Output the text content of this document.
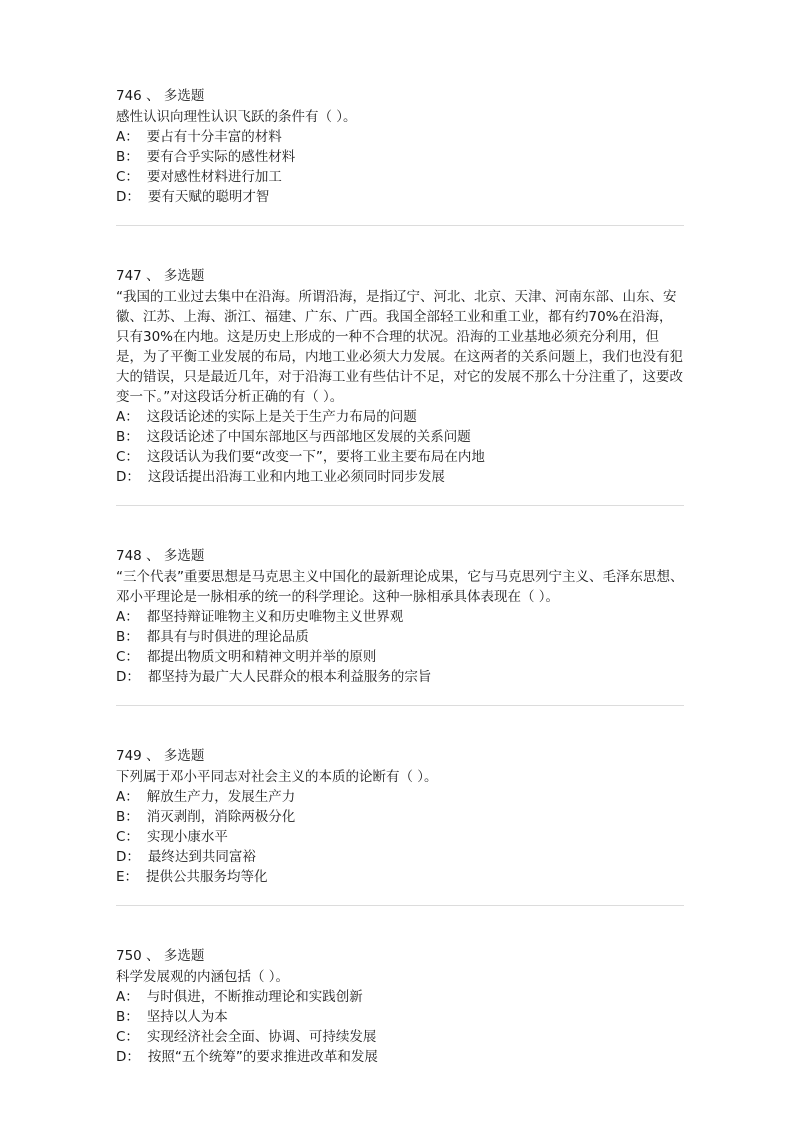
746 、 多选题

感性认识向理性认识飞跃的条件有（ ）。

A： 要占有十分丰富的材料
B： 要有合乎实际的感性材料
C： 要对感性材料进行加工
D： 要有天赋的聪明才智
747 、 多选题

“我国的工业过去集中在沿海。所谓沿海，是指辽宁、河北、北京、天津、河南东部、山东、安徽、江苏、上海、浙江、福建、广东、广西。我国全部轻工业和重工业，都有约70%在沿海，只有30%在内地。这是历史上形成的一种不合理的状况。沿海的工业基地必须充分利用，但是，为了平衡工业发展的布局，内地工业必须大力发展。在这两者的关系问题上，我们也没有犯大的错误，只是最近几年，对于沿海工业有些估计不足，对它的发展不那么十分注重了，这要改变一下。”对这段话分析正确的有（ ）。

A： 这段话论述的实际上是关于生产力布局的问题
B： 这段话论述了中国东部地区与西部地区发展的关系问题
C： 这段话认为我们要“改变一下”，要将工业主要布局在内地
D： 这段话提出沿海工业和内地工业必须同时同步发展
748 、 多选题

“三个代表”重要思想是马克思主义中国化的最新理论成果，它与马克思列宁主义、毛泽东思想、邓小平理论是一脉相承的统一的科学理论。这种一脉相承具体表现在（ ）。

A： 都坚持辩证唯物主义和历史唯物主义世界观
B： 都具有与时俱进的理论品质
C： 都提出物质文明和精神文明并举的原则
D： 都坚持为最广大人民群众的根本利益服务的宗旨
749 、 多选题

下列属于邓小平同志对社会主义的本质的论断有（ ）。

A： 解放生产力，发展生产力
B： 消灭剥削，消除两极分化
C： 实现小康水平
D： 最终达到共同富裕
E： 提供公共服务均等化
750 、 多选题

科学发展观的内涵包括（ ）。

A： 与时俱进，不断推动理论和实践创新
B： 坚持以人为本
C： 实现经济社会全面、协调、可持续发展
D： 按照“五个统筹”的要求推进改革和发展
